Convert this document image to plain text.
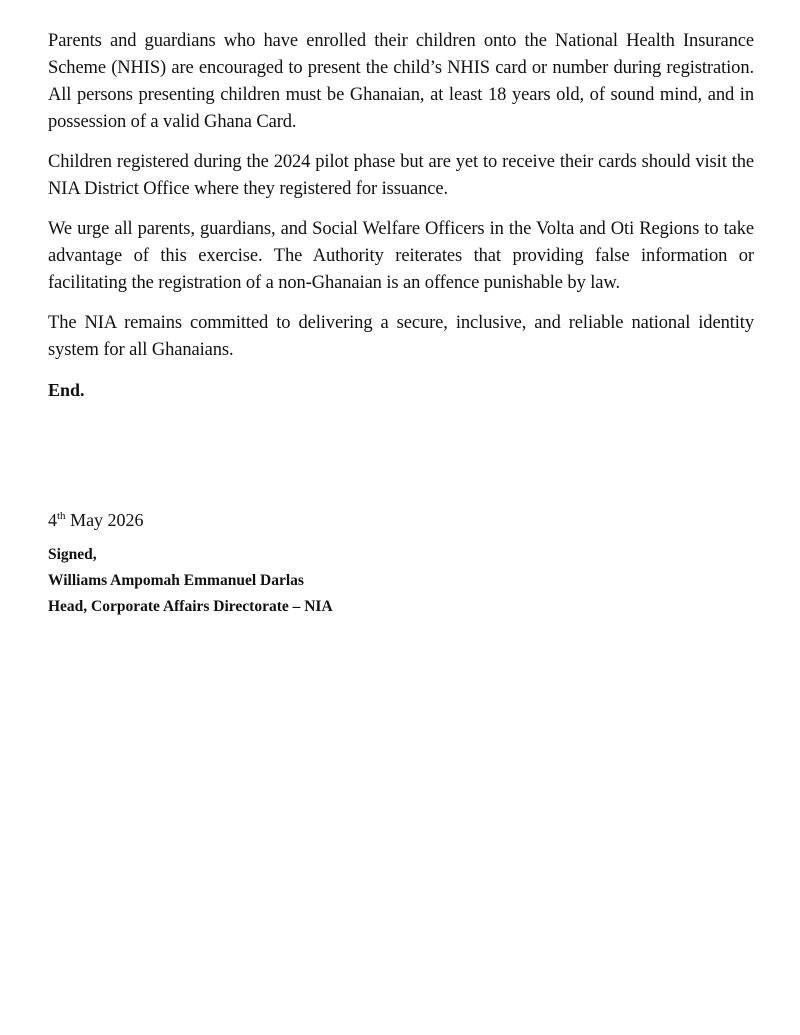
Parents and guardians who have enrolled their children onto the National Health Insurance Scheme (NHIS) are encouraged to present the child’s NHIS card or number during registration. All persons presenting children must be Ghanaian, at least 18 years old, of sound mind, and in possession of a valid Ghana Card.

Children registered during the 2024 pilot phase but are yet to receive their cards should visit the NIA District Office where they registered for issuance.

We urge all parents, guardians, and Social Welfare Officers in the Volta and Oti Regions to take advantage of this exercise. The Authority reiterates that providing false information or facilitating the registration of a non-Ghanaian is an offence punishable by law.

The NIA remains committed to delivering a secure, inclusive, and reliable national identity system for all Ghanaians.

End.

4th May 2026

Signed,
Williams Ampomah Emmanuel Darlas
Head, Corporate Affairs Directorate – NIA
